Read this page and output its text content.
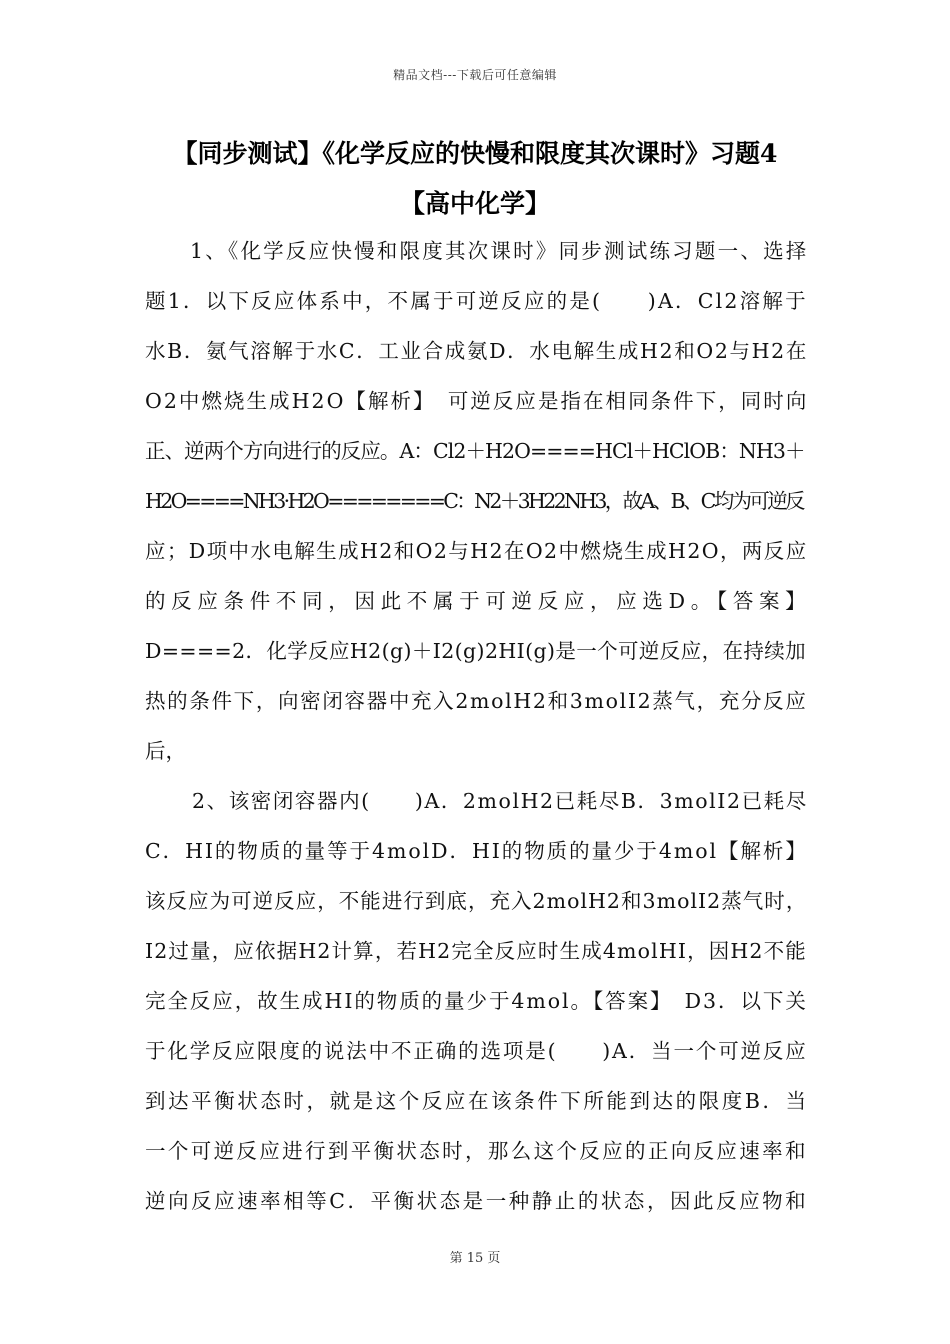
精品文档---下载后可任意编辑
【同步测试】《化学反应的快慢和限度其次课时》习题4
【高中化学】
1、《化学反应快慢和限度其次课时》同步测试练习题一、选择
题1．以下反应体系中，不属于可逆反应的是(　　)A．Cl2溶解于
水B．氨气溶解于水C．工业合成氨D．水电解生成H2和O2与H2在
O2中燃烧生成H2O【解析】　可逆反应是指在相同条件下，同时向
正、逆两个方向进行的反应。A：Cl2＋H2O====HCl＋HClOB：NH3＋
H2O====NH3·H2O========C：N2＋3H22NH3，故A、B、C均为可逆反
应；D项中水电解生成H2和O2与H2在O2中燃烧生成H2O，两反应
的反应条件不同，因此不属于可逆反应，应选D。【答案】
D====2．化学反应H2(g)＋I2(g)2HI(g)是一个可逆反应，在持续加
热的条件下，向密闭容器中充入2molH2和3molI2蒸气，充分反应
后，
2、该密闭容器内(　　)A．2molH2已耗尽B．3molI2已耗尽
C．HI的物质的量等于4molD．HI的物质的量少于4mol【解析】
该反应为可逆反应，不能进行到底，充入2molH2和3molI2蒸气时，
I2过量，应依据H2计算，若H2完全反应时生成4molHI，因H2不能
完全反应，故生成HI的物质的量少于4mol。【答案】　D3．以下关
于化学反应限度的说法中不正确的选项是(　　)A．当一个可逆反应
到达平衡状态时，就是这个反应在该条件下所能到达的限度B．当
一个可逆反应进行到平衡状态时，那么这个反应的正向反应速率和
逆向反应速率相等C．平衡状态是一种静止的状态，因此反应物和
第 15 页
